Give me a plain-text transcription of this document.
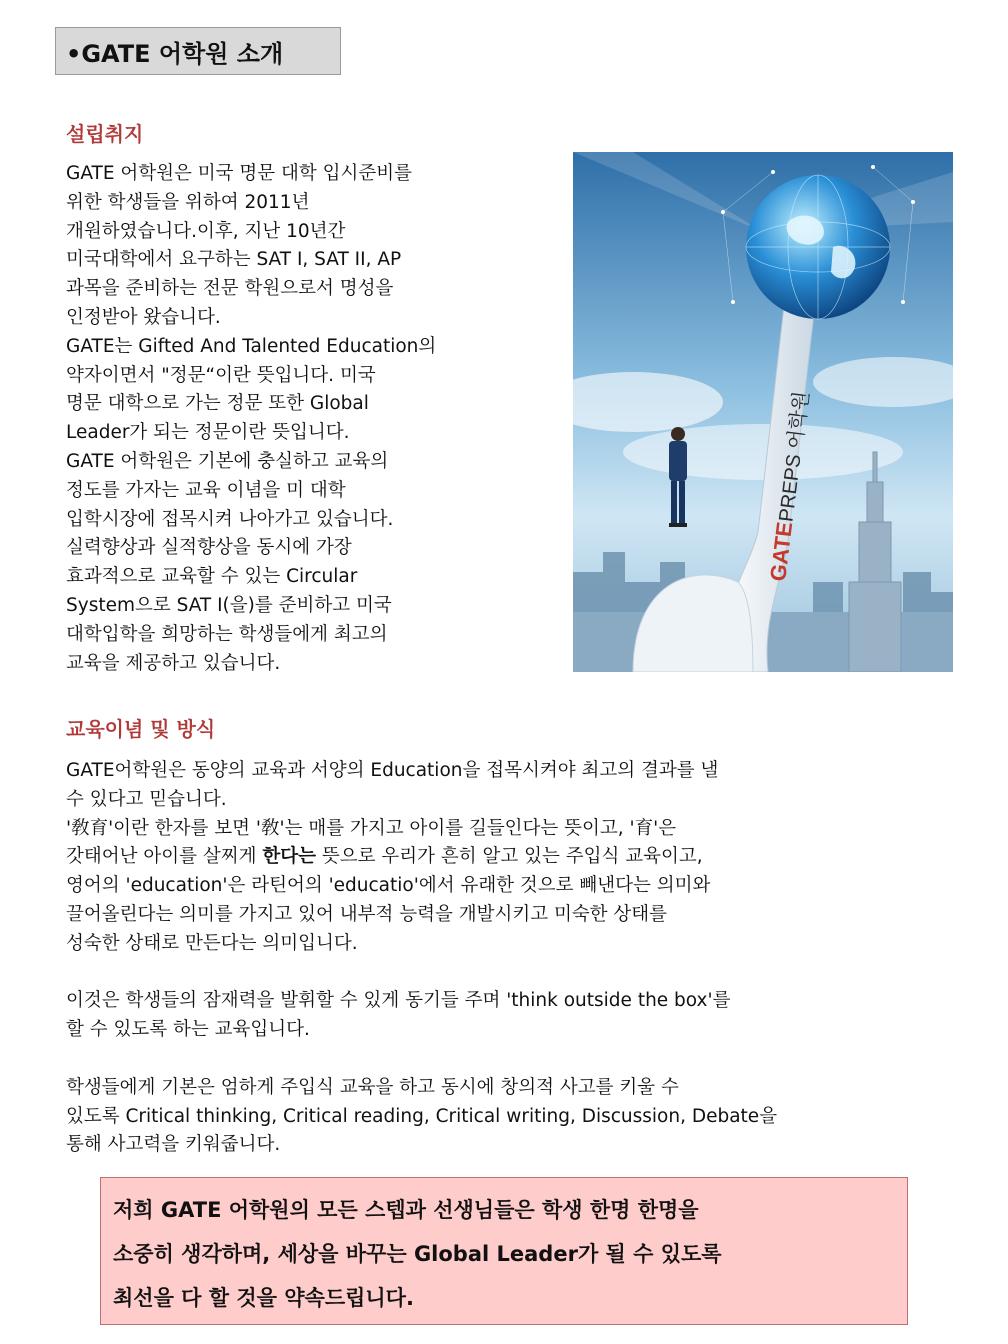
•GATE 어학원 소개
설립취지

GATE 어학원은 미국 명문 대학 입시준비를
위한 학생들을 위하여 2011년
개원하였습니다.이후, 지난 10년간
미국대학에서 요구하는 SAT I, SAT II, AP
과목을 준비하는 전문 학원으로서 명성을
인정받아 왔습니다.
GATE는 Gifted And Talented Education의
약자이면서 "정문“이란 뜻입니다. 미국
명문 대학으로 가는 정문 또한 Global
Leader가 되는 정문이란 뜻입니다.
GATE 어학원은 기본에 충실하고 교육의
정도를 가자는 교육 이념을 미 대학
입학시장에 접목시켜 나아가고 있습니다.
실력향상과 실적향상을 동시에 가장
효과적으로 교육할 수 있는 Circular
System으로 SAT I(을)를 준비하고 미국
대학입학을 희망하는 학생들에게 최고의
교육을 제공하고 있습니다.

GATE
PREPS 어학원
교육이념 및 방식

GATE어학원은 동양의 교육과 서양의 Education을 접목시켜야 최고의 결과를 낼
수 있다고 믿습니다.
'敎育'이란 한자를 보면 '敎'는 매를 가지고 아이를 길들인다는 뜻이고, '育'은
갓태어난 아이를 살찌게 한다는 뜻으로 우리가 흔히 알고 있는 주입식 교육이고,
영어의 'education'은 라틴어의 'educatio'에서 유래한 것으로 빼낸다는 의미와
끌어올린다는 의미를 가지고 있어 내부적 능력을 개발시키고 미숙한 상태를
성숙한 상태로 만든다는 의미입니다.
이것은 학생들의 잠재력을 발휘할 수 있게 동기들 주며 'think outside the box'를
할 수 있도록 하는 교육입니다.
학생들에게 기본은 엄하게 주입식 교육을 하고 동시에 창의적 사고를 키울 수
있도록 Critical thinking, Critical reading, Critical writing, Discussion, Debate을
통해 사고력을 키워줍니다.

저희 GATE 어학원의 모든 스텝과 선생님들은 학생 한명 한명을
소중히 생각하며, 세상을 바꾸는 Global Leader가 될 수 있도록
최선을 다 할 것을 약속드립니다.
